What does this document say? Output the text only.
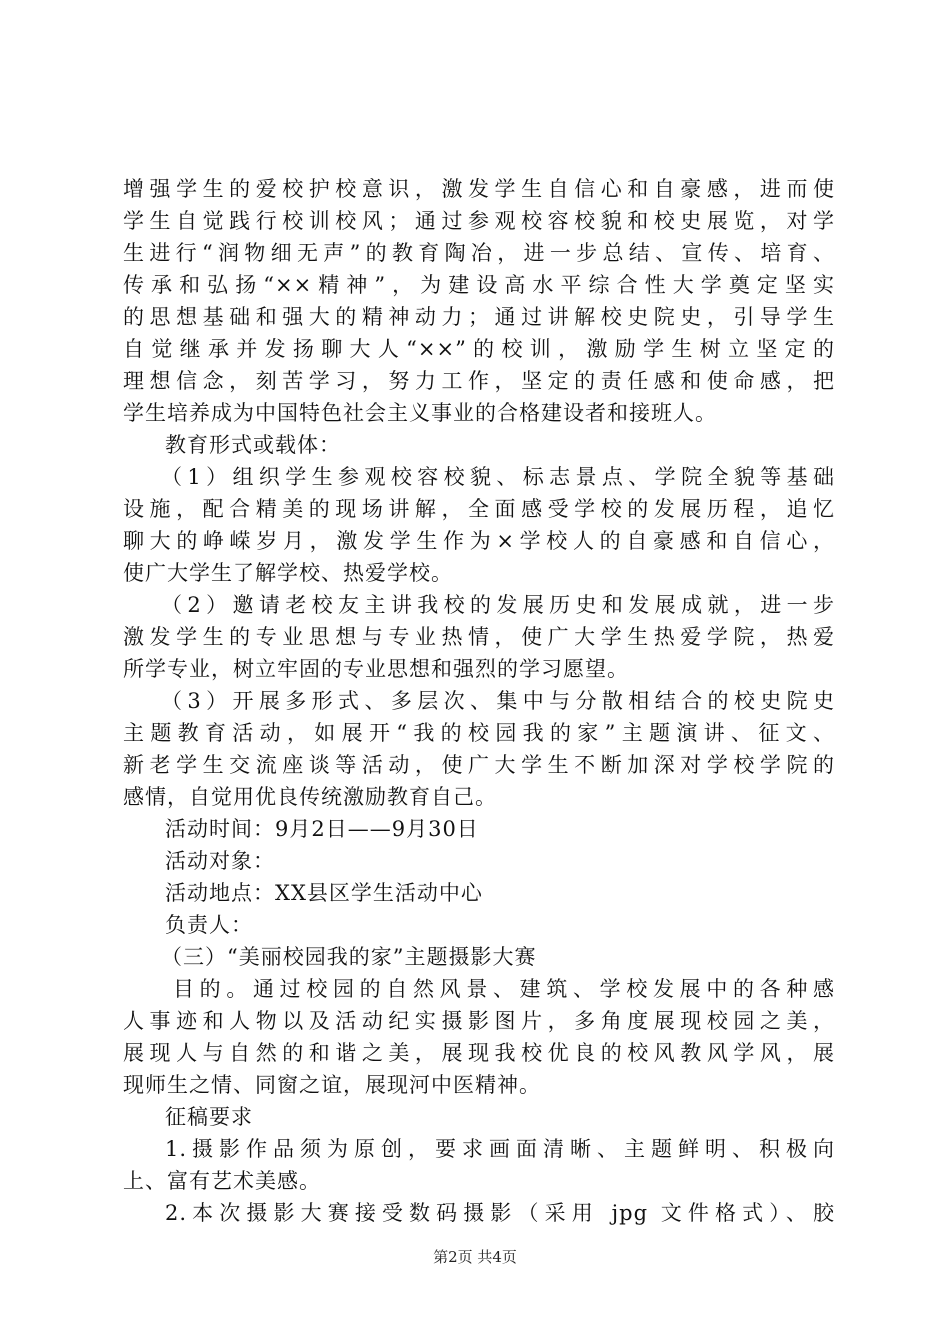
增强学生的爱校护校意识，激发学生自信心和自豪感，进而使
学生自觉践行校训校风；通过参观校容校貌和校史展览，对学
生进行“润物细无声”的教育陶冶，进一步总结、宣传、培育、
传承和弘扬“××精神”，为建设高水平综合性大学奠定坚实
的思想基础和强大的精神动力；通过讲解校史院史，引导学生
自觉继承并发扬聊大人“××”的校训，激励学生树立坚定的
理想信念，刻苦学习，努力工作，坚定的责任感和使命感，把
学生培养成为中国特色社会主义事业的合格建设者和接班人。
教育形式或载体：
（1）组织学生参观校容校貌、标志景点、学院全貌等基础
设施，配合精美的现场讲解，全面感受学校的发展历程，追忆
聊大的峥嵘岁月，激发学生作为×学校人的自豪感和自信心，
使广大学生了解学校、热爱学校。
（2）邀请老校友主讲我校的发展历史和发展成就，进一步
激发学生的专业思想与专业热情，使广大学生热爱学院，热爱
所学专业，树立牢固的专业思想和强烈的学习愿望。
（3）开展多形式、多层次、集中与分散相结合的校史院史
主题教育活动，如展开“我的校园我的家”主题演讲、征文、
新老学生交流座谈等活动，使广大学生不断加深对学校学院的
感情，自觉用优良传统激励教育自己。
活动时间：9月2日——9月30日
活动对象：
活动地点：XX县区学生活动中心
负责人：
（三）“美丽校园我的家”主题摄影大赛
目的。通过校园的自然风景、建筑、学校发展中的各种感
人事迹和人物以及活动纪实摄影图片，多角度展现校园之美，
展现人与自然的和谐之美，展现我校优良的校风教风学风，展
现师生之情、同窗之谊，展现河中医精神。
征稿要求
1.摄影作品须为原创，要求画面清晰、主题鲜明、积极向
上、富有艺术美感。
2.本次摄影大赛接受数码摄影（采用 jpg 文件格式）、胶
第2页 共4页
